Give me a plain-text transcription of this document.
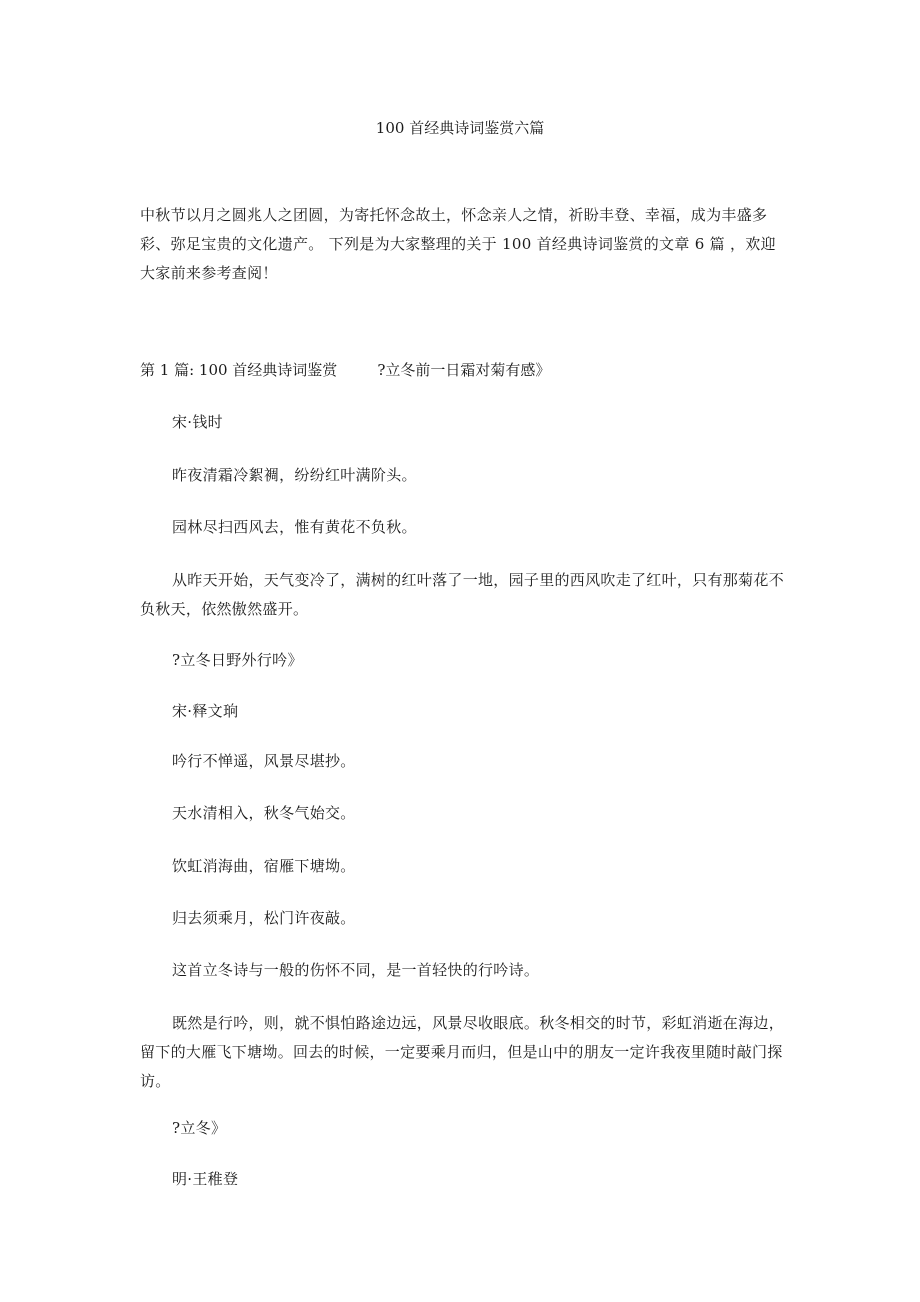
100 首经典诗词鉴赏六篇
中秋节以月之圆兆人之团圆，为寄托怀念故土，怀念亲人之情，祈盼丰登、幸福，成为丰盛多彩、弥足宝贵的文化遗产。 下列是为大家整理的关于 100 首经典诗词鉴赏的文章 6 篇 ，欢迎大家前来参考查阅！
第 1 篇: 100 首经典诗词鉴赏	?立冬前一日霜对菊有感》
宋·钱时
昨夜清霜冷絮裯，纷纷红叶满阶头。
园林尽扫西风去，惟有黄花不负秋。
从昨天开始，天气变冷了，满树的红叶落了一地，园子里的西风吹走了红叶，只有那菊花不负秋天，依然傲然盛开。
?立冬日野外行吟》
宋·释文珦
吟行不惮遥，风景尽堪抄。
天水清相入，秋冬气始交。
饮虹消海曲，宿雁下塘坳。
归去须乘月，松门许夜敲。
这首立冬诗与一般的伤怀不同，是一首轻快的行吟诗。
既然是行吟，则，就不惧怕路途边远，风景尽收眼底。秋冬相交的时节，彩虹消逝在海边，留下的大雁飞下塘坳。回去的时候，一定要乘月而归，但是山中的朋友一定许我夜里随时敲门探访。
?立冬》
明·王稚登
